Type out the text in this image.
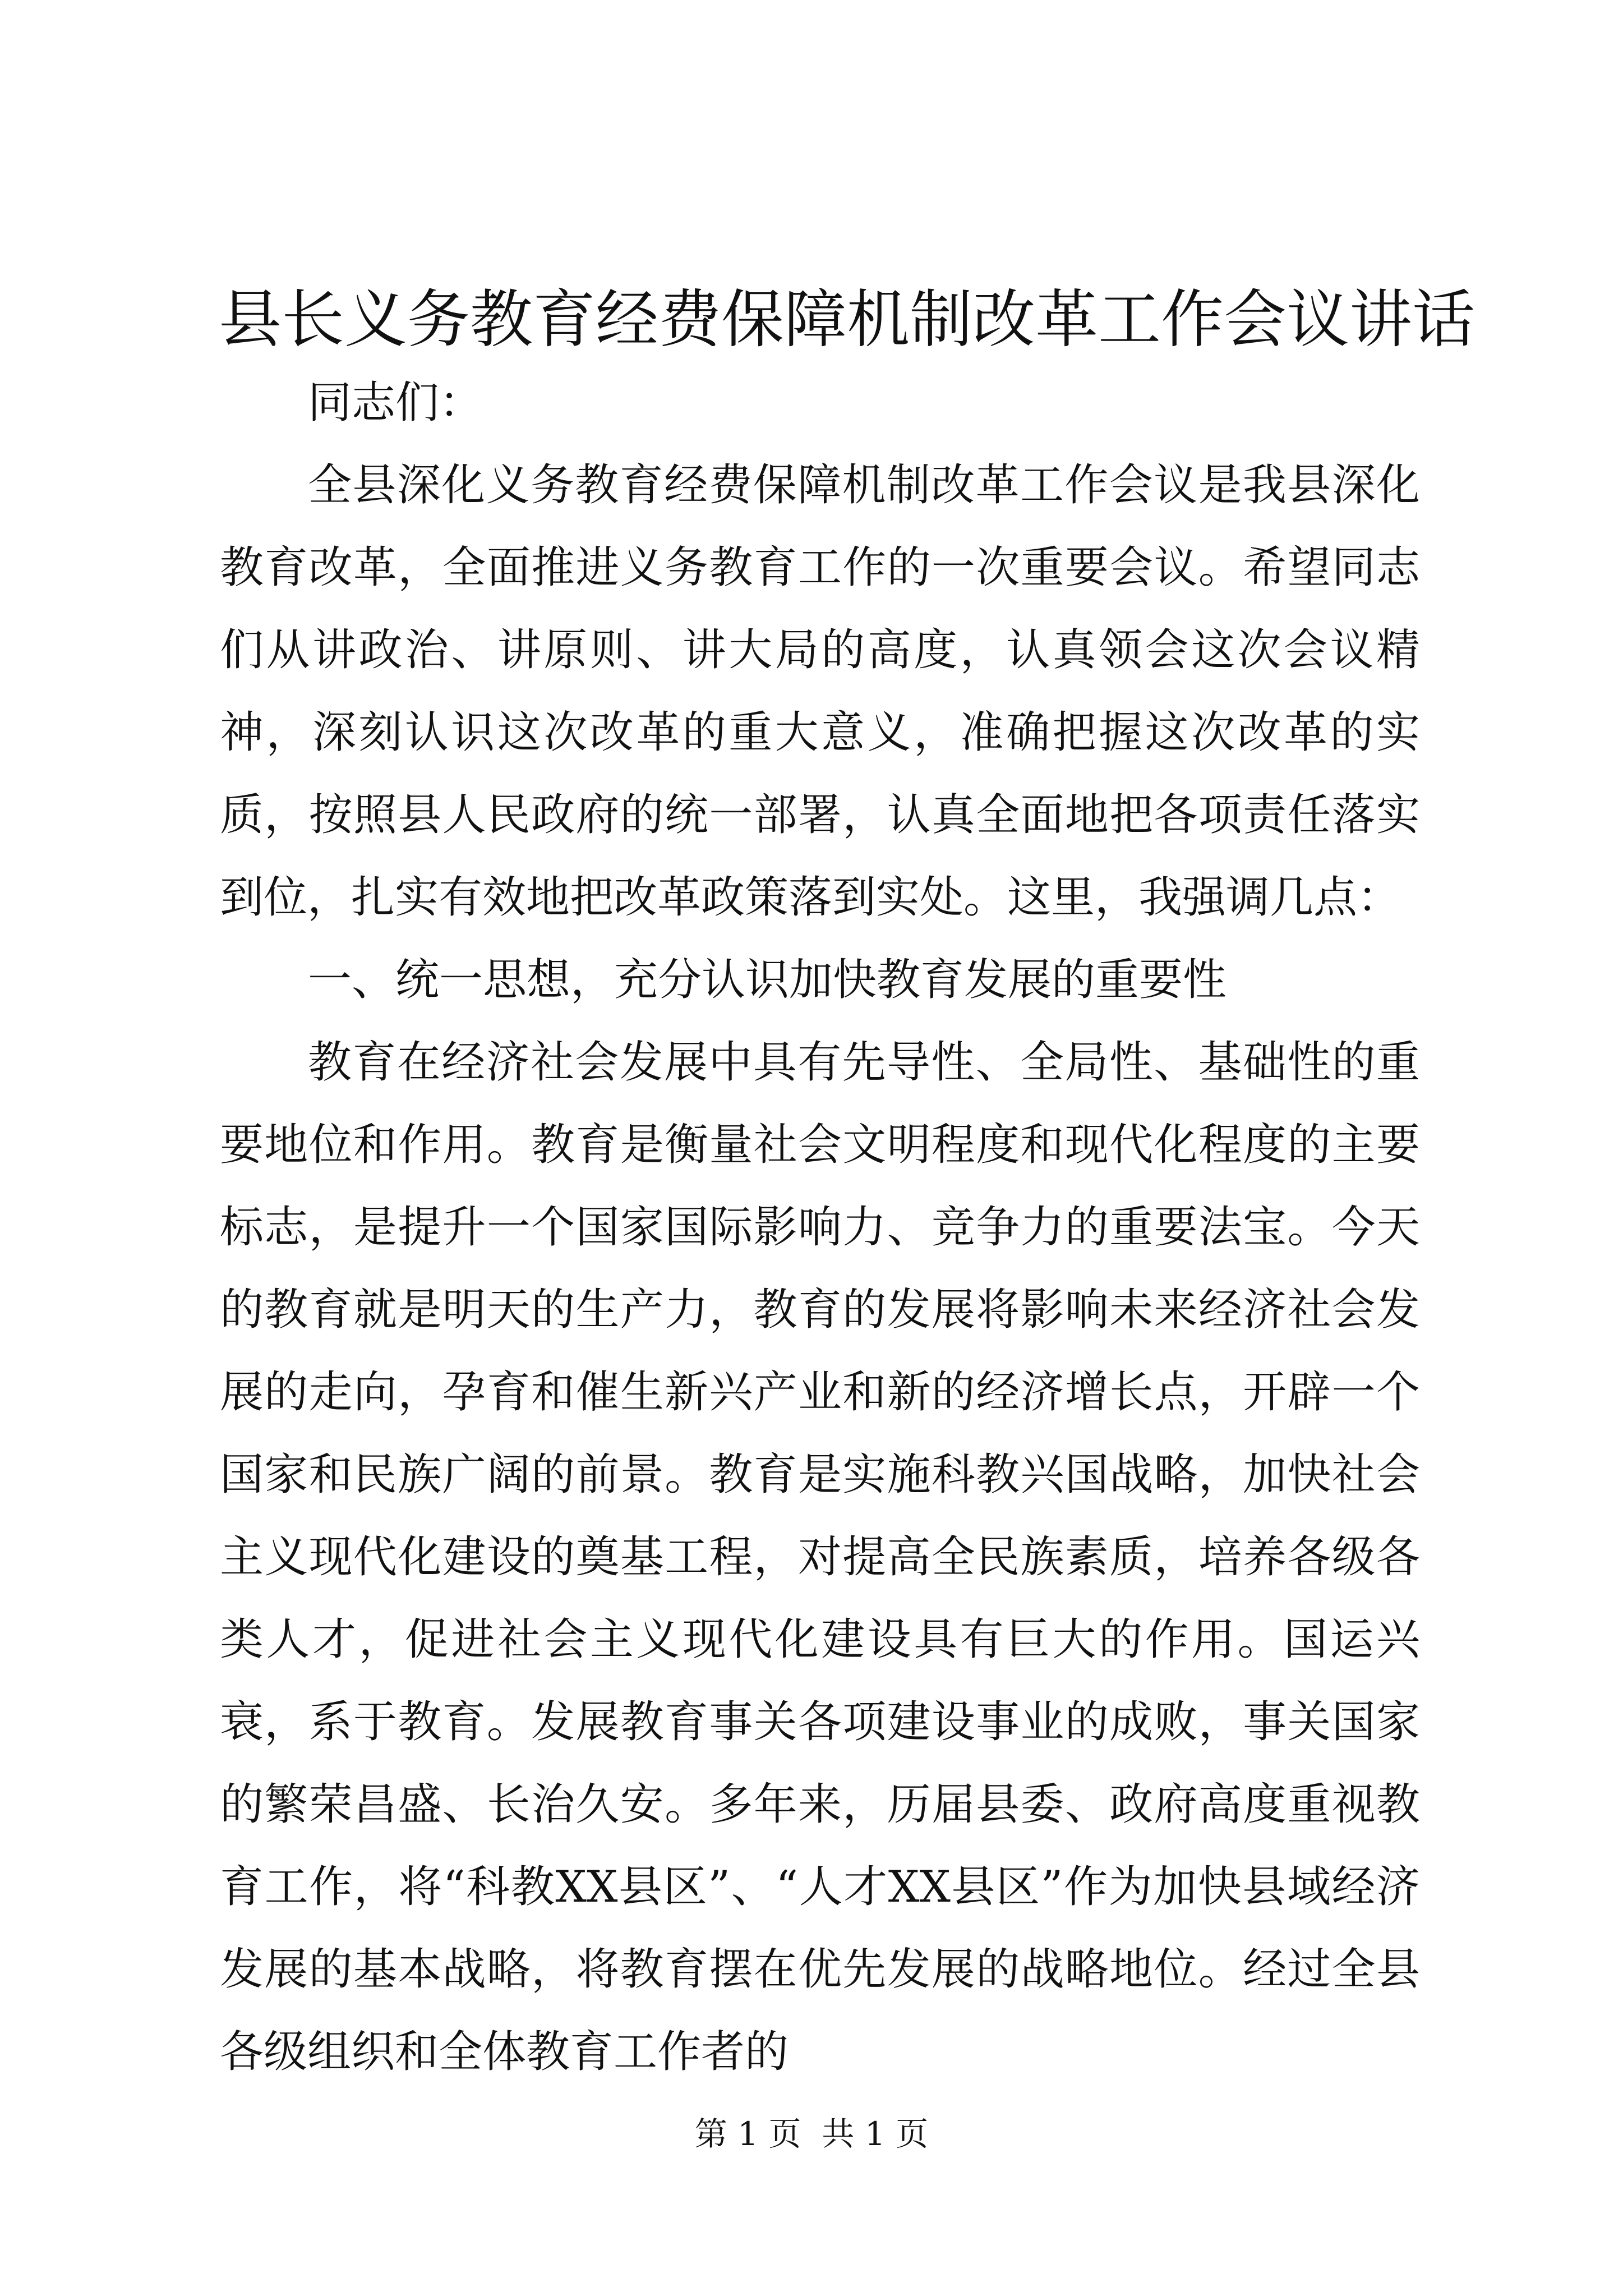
县长义务教育经费保障机制改革工作会议讲话

同志们：

全县深化义务教育经费保障机制改革工作会议是我县深化教育改革，全面推进义务教育工作的一次重要会议。希望同志们从讲政治、讲原则、讲大局的高度，认真领会这次会议精神，深刻认识这次改革的重大意义，准确把握这次改革的实质，按照县人民政府的统一部署，认真全面地把各项责任落实到位，扎实有效地把改革政策落到实处。这里，我强调几点：

一、统一思想，充分认识加快教育发展的重要性

教育在经济社会发展中具有先导性、全局性、基础性的重要地位和作用。教育是衡量社会文明程度和现代化程度的主要标志，是提升一个国家国际影响力、竞争力的重要法宝。今天的教育就是明天的生产力，教育的发展将影响未来经济社会发展的走向，孕育和催生新兴产业和新的经济增长点，开辟一个国家和民族广阔的前景。教育是实施科教兴国战略，加快社会主义现代化建设的奠基工程，对提高全民族素质，培养各级各类人才，促进社会主义现代化建设具有巨大的作用。国运兴衰，系于教育。发展教育事关各项建设事业的成败，事关国家的繁荣昌盛、长治久安。多年来，历届县委、政府高度重视教育工作，将“科教XX县区”、“人才XX县区”作为加快县域经济发展的基本战略，将教育摆在优先发展的战略地位。经过全县各级组织和全体教育工作者的

第 1 页  共 1 页
